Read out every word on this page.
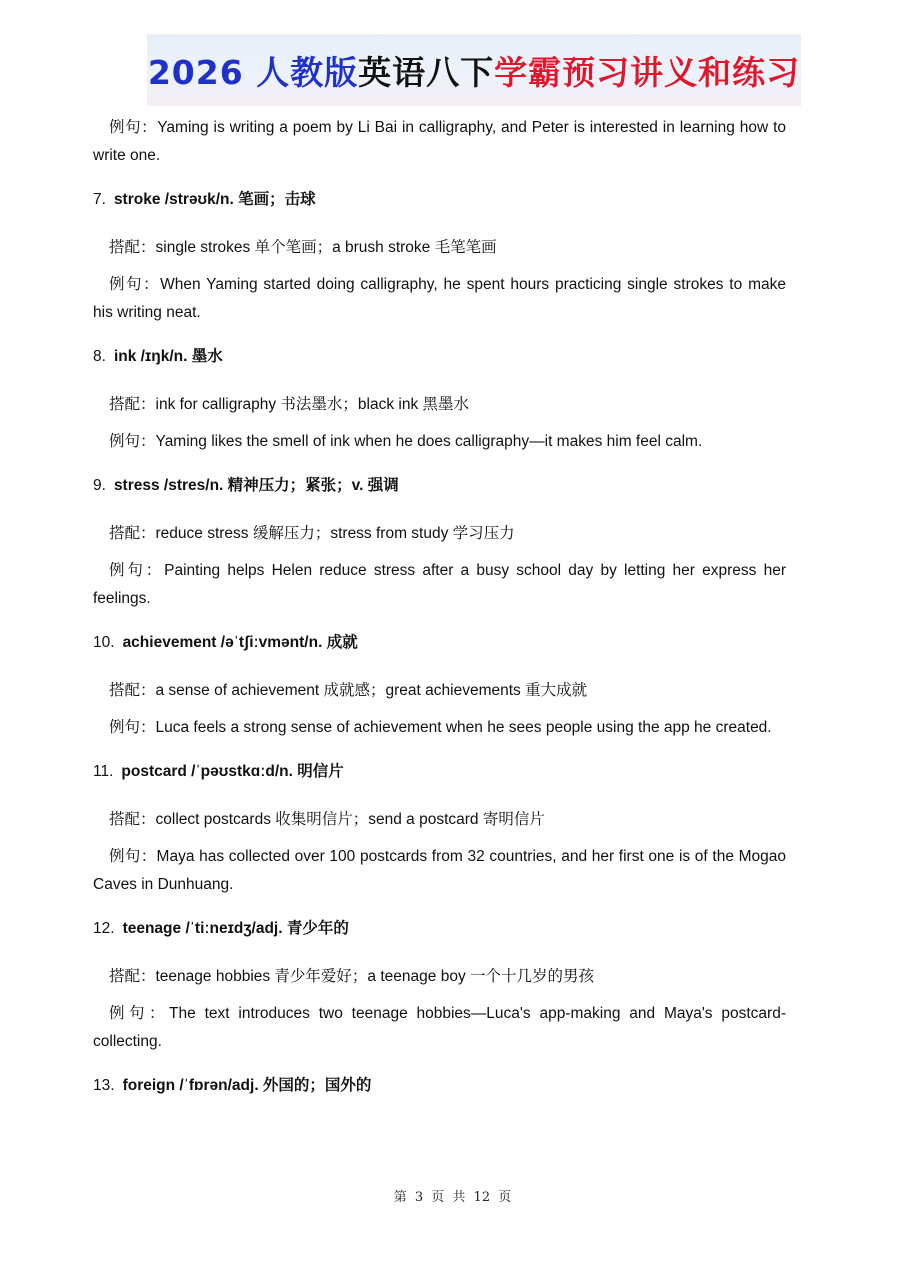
2026 人教版 英语八下 学霸预习讲义和练习

例句：Yaming is writing a poem by Li Bai in calligraphy, and Peter is interested in learning how to write one.

7. stroke /strəʊk/n. 笔画；击球

搭配：single strokes 单个笔画；a brush stroke 毛笔笔画

例句：When Yaming started doing calligraphy, he spent hours practicing single strokes to make his writing neat.

8. ink /ɪŋk/n. 墨水

搭配：ink for calligraphy 书法墨水；black ink 黑墨水

例句：Yaming likes the smell of ink when he does calligraphy—it makes him feel calm.

9. stress /stres/n. 精神压力；紧张；v. 强调

搭配：reduce stress 缓解压力；stress from study 学习压力

例句：Painting helps Helen reduce stress after a busy school day by letting her express her feelings.

10. achievement /əˈtʃiːvmənt/n. 成就

搭配：a sense of achievement 成就感；great achievements 重大成就

例句：Luca feels a strong sense of achievement when he sees people using the app he created.

11. postcard /ˈpəʊstkɑːd/n. 明信片

搭配：collect postcards 收集明信片；send a postcard 寄明信片

例句：Maya has collected over 100 postcards from 32 countries, and her first one is of the Mogao Caves in Dunhuang.

12. teenage /ˈtiːneɪdʒ/adj. 青少年的

搭配：teenage hobbies 青少年爱好；a teenage boy 一个十几岁的男孩

例句：The text introduces two teenage hobbies—Luca's app-making and Maya's postcard-collecting.

13. foreign /ˈfɒrən/adj. 外国的；国外的

第 3 页 共 12 页
